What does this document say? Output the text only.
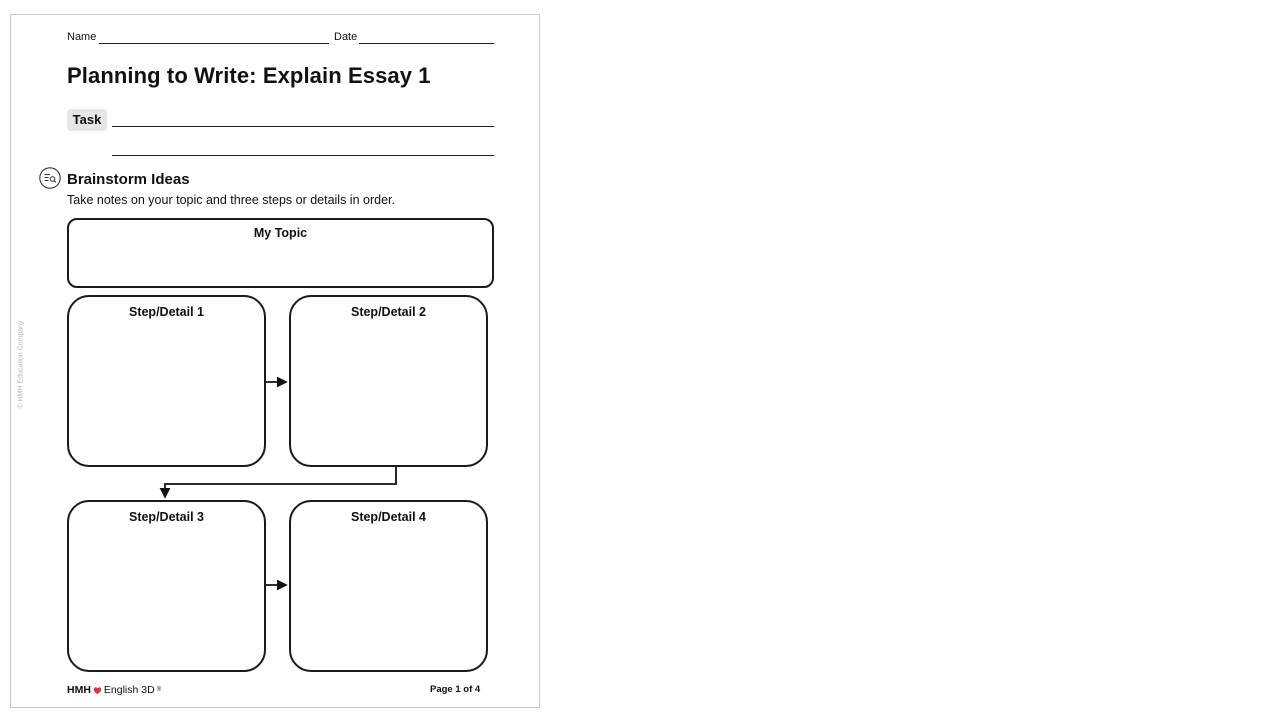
© HMH Education Company
Name	Date
Planning to Write: Explain Essay 1
Task
Brainstorm Ideas
Take notes on your topic and three steps or details in order.
My Topic
Step/Detail 1	Step/Detail 2
Step/Detail 3	Step/Detail 4
HMH English 3D ®	Page 1 of 4
